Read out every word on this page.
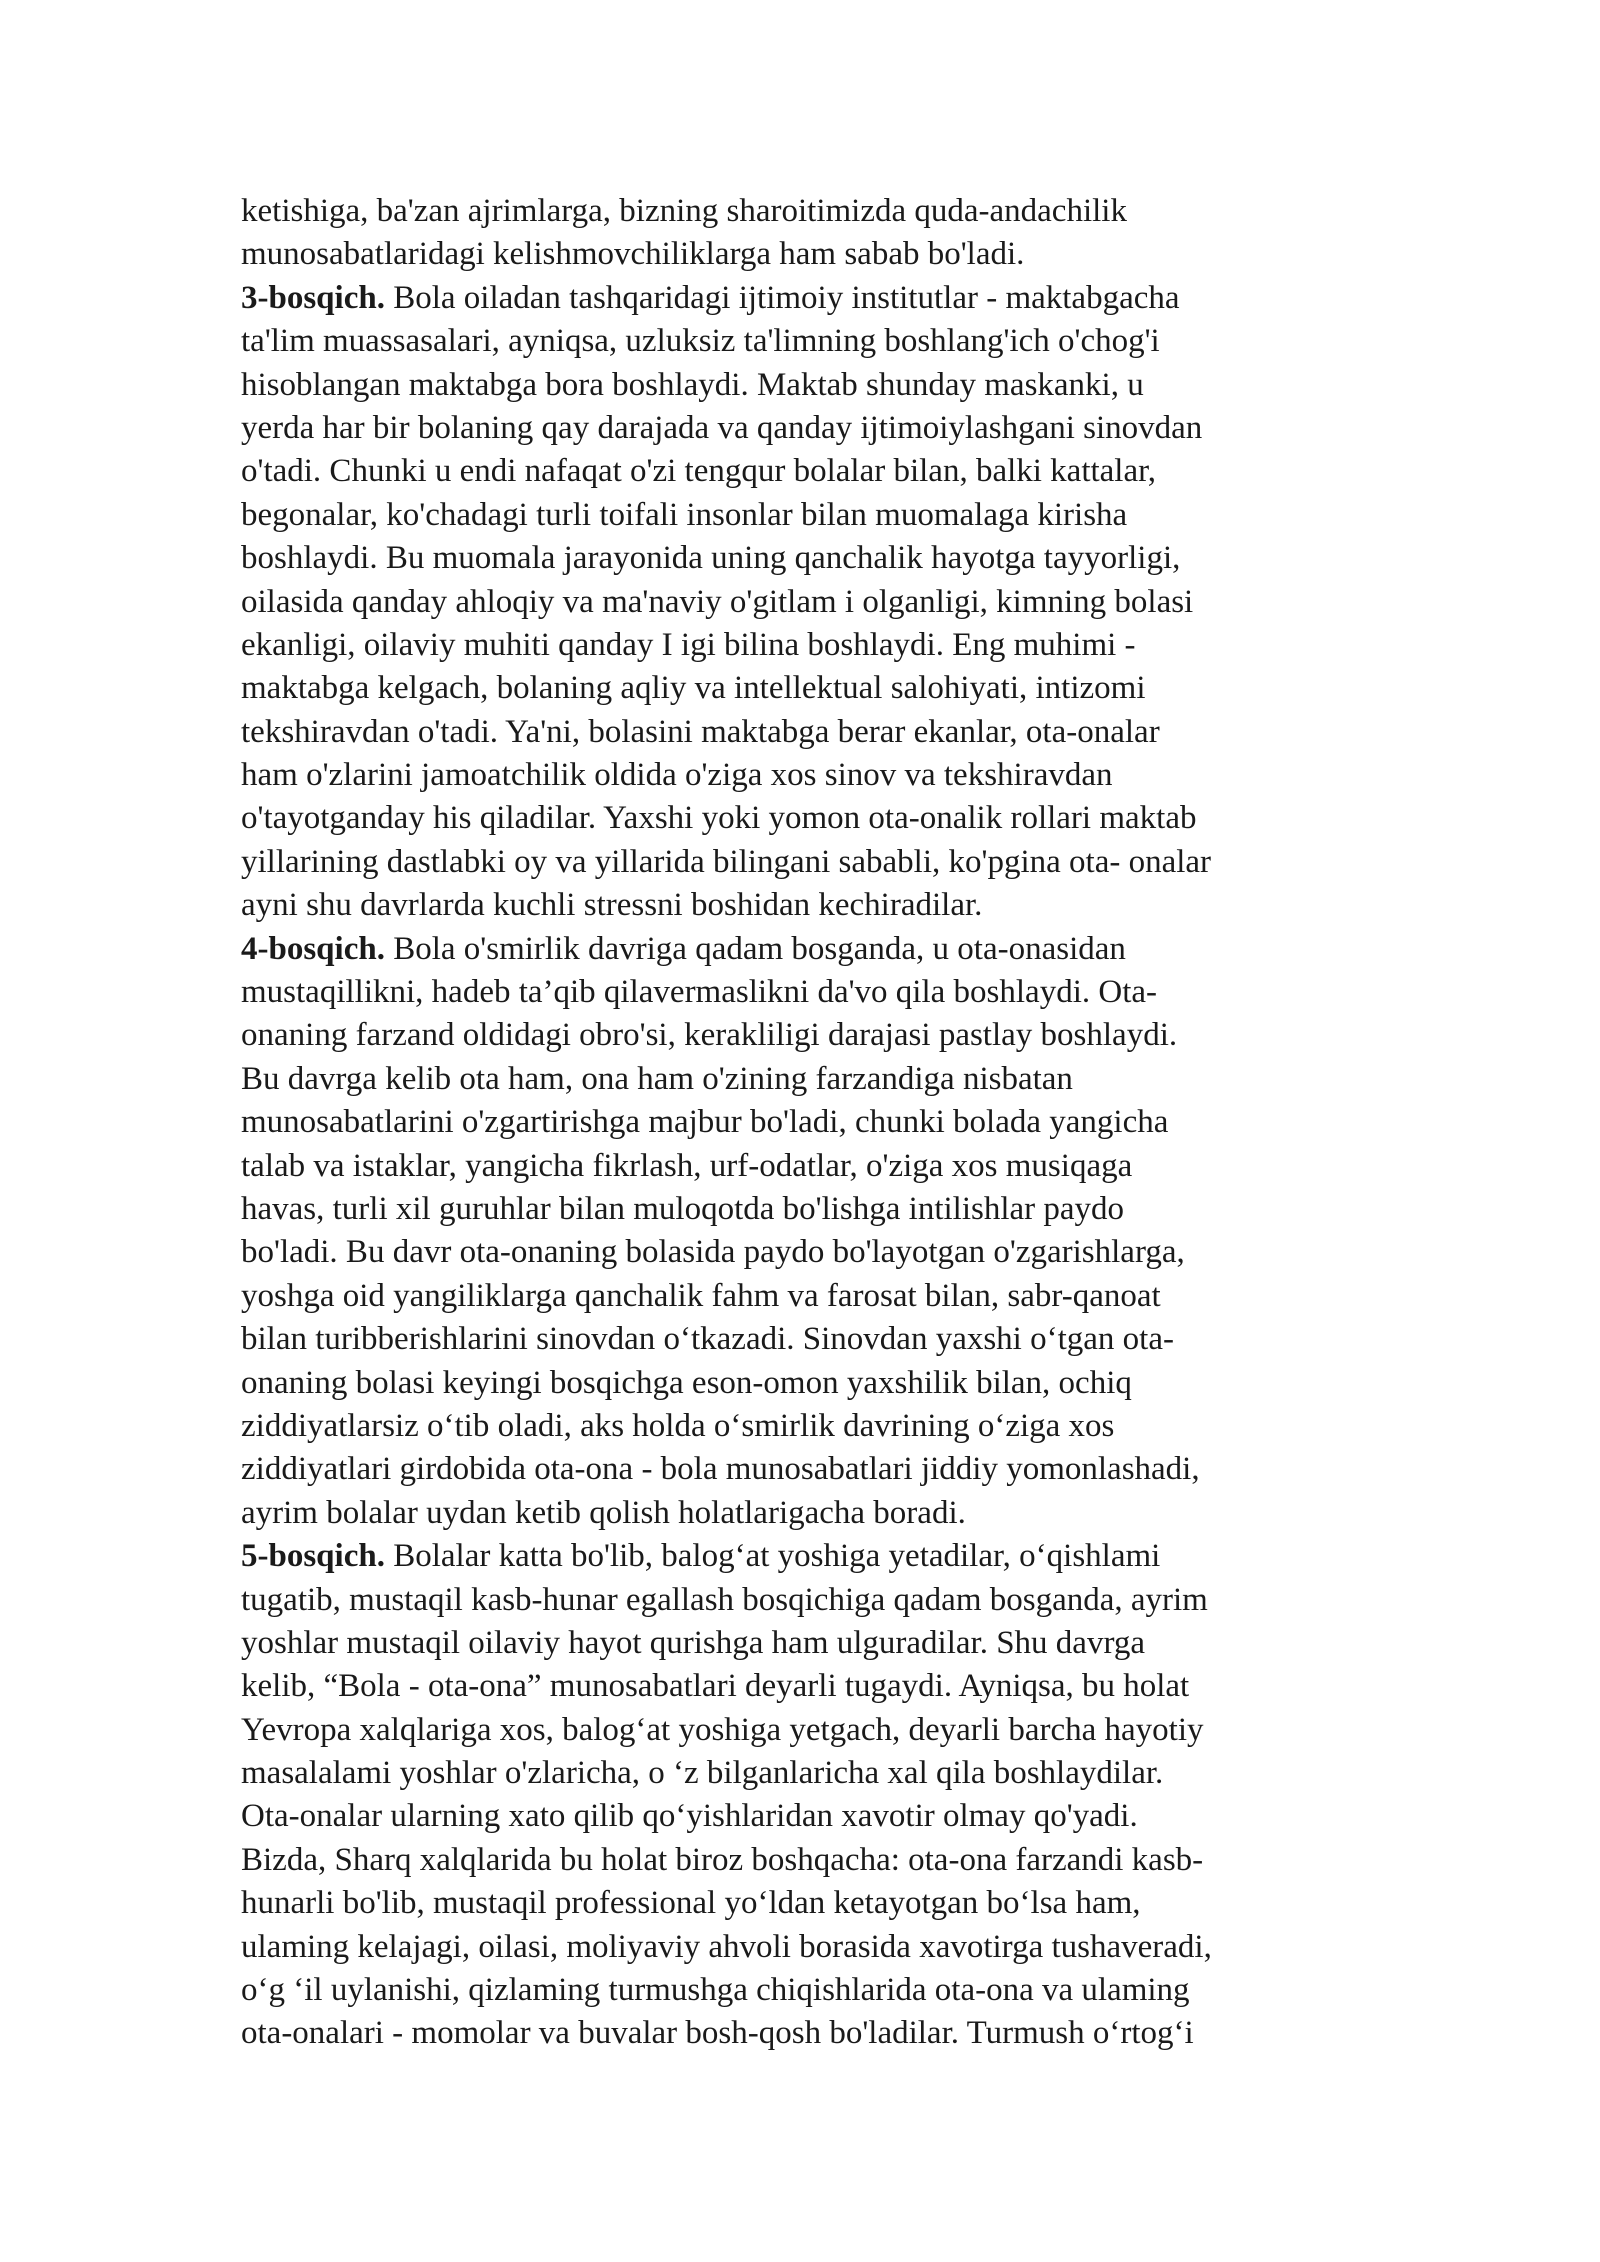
ketishiga, ba'zan ajrimlarga, bizning sharoitimizda quda-andachilik
munosabatlaridagi kelishmovchiliklarga ham sabab bo'ladi.
3-bosqich. Bola oiladan tashqaridagi ijtimoiy institutlar - maktabgacha
ta'lim muassasalari, ayniqsa, uzluksiz ta'limning boshlang'ich o'chog'i
hisoblangan maktabga bora boshlaydi. Maktab shunday maskanki, u
yerda har bir bolaning qay darajada va qanday ijtimoiylashgani sinovdan
o'tadi. Chunki u endi nafaqat o'zi tengqur bolalar bilan, balki kattalar,
begonalar, ko'chadagi turli toifali insonlar bilan muomalaga kirisha
boshlaydi. Bu muomala jarayonida uning qanchalik hayotga tayyorligi,
oilasida qanday ahloqiy va ma'naviy o'gitlam i olganligi, kimning bolasi
ekanligi, oilaviy muhiti qanday I igi bilina boshlaydi. Eng muhimi -
maktabga kelgach, bolaning aqliy va intellektual salohiyati, intizomi
tekshiravdan o'tadi. Ya'ni, bolasini maktabga berar ekanlar, ota-onalar
ham o'zlarini jamoatchilik oldida o'ziga xos sinov va tekshiravdan
o'tayotganday his qiladilar. Yaxshi yoki yomon ota-onalik rollari maktab
yillarining dastlabki oy va yillarida bilingani sababli, ko'pgina ota- onalar
ayni shu davrlarda kuchli stressni boshidan kechiradilar.
4-bosqich. Bola o'smirlik davriga qadam bosganda, u ota-onasidan
mustaqillikni, hadeb ta’qib qilavermaslikni da'vo qila boshlaydi. Ota-
onaning farzand oldidagi obro'si, kerakliligi darajasi pastlay boshlaydi.
Bu davrga kelib ota ham, ona ham o'zining farzandiga nisbatan
munosabatlarini o'zgartirishga majbur bo'ladi, chunki bolada yangicha
talab va istaklar, yangicha fikrlash, urf-odatlar, o'ziga xos musiqaga
havas, turli xil guruhlar bilan muloqotda bo'lishga intilishlar paydo
bo'ladi. Bu davr ota-onaning bolasida paydo bo'layotgan o'zgarishlarga,
yoshga oid yangiliklarga qanchalik fahm va farosat bilan, sabr-qanoat
bilan turibberishlarini sinovdan o‘tkazadi. Sinovdan yaxshi o‘tgan ota-
onaning bolasi keyingi bosqichga eson-omon yaxshilik bilan, ochiq
ziddiyatlarsiz o‘tib oladi, aks holda o‘smirlik davrining o‘ziga xos
ziddiyatlari girdobida ota-ona - bola munosabatlari jiddiy yomonlashadi,
ayrim bolalar uydan ketib qolish holatlarigacha boradi.
5-bosqich. Bolalar katta bo'lib, balog‘at yoshiga yetadilar, o‘qishlami
tugatib, mustaqil kasb-hunar egallash bosqichiga qadam bosganda, ayrim
yoshlar mustaqil oilaviy hayot qurishga ham ulguradilar. Shu davrga
kelib, “Bola - ota-ona” munosabatlari deyarli tugaydi. Ayniqsa, bu holat
Yevropa xalqlariga xos, balog‘at yoshiga yetgach, deyarli barcha hayotiy
masalalami yoshlar o'zlaricha, o ‘z bilganlaricha xal qila boshlaydilar.
Ota-onalar ularning xato qilib qo‘yishlaridan xavotir olmay qo'yadi.
Bizda, Sharq xalqlarida bu holat biroz boshqacha: ota-ona farzandi kasb-
hunarli bo'lib, mustaqil professional yo‘ldan ketayotgan bo‘lsa ham,
ulaming kelajagi, oilasi, moliyaviy ahvoli borasida xavotirga tushaveradi,
o‘g ‘il uylanishi, qizlaming turmushga chiqishlarida ota-ona va ulaming
ota-onalari - momolar va buvalar bosh-qosh bo'ladilar. Turmush o‘rtog‘i
